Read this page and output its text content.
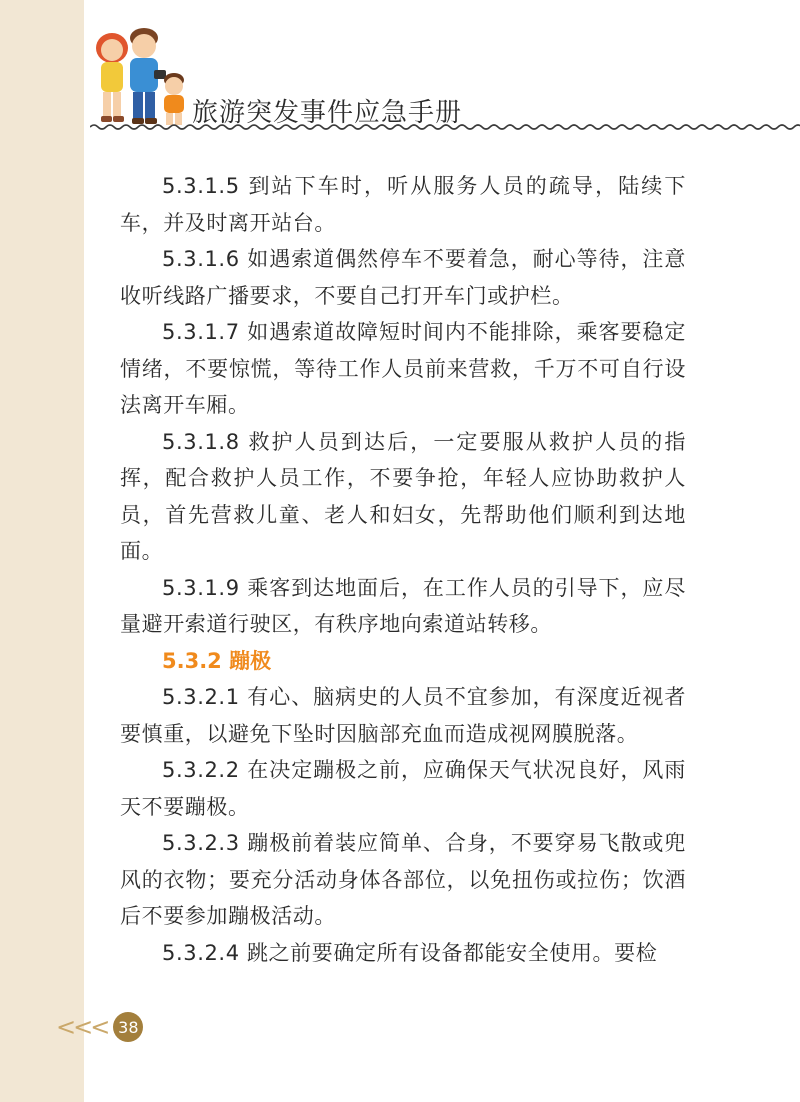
旅游突发事件应急手册

5.3.1.5 到站下车时，听从服务人员的疏导，陆续下车，并及时离开站台。

5.3.1.6 如遇索道偶然停车不要着急，耐心等待，注意收听线路广播要求，不要自己打开车门或护栏。

5.3.1.7 如遇索道故障短时间内不能排除，乘客要稳定情绪，不要惊慌，等待工作人员前来营救，千万不可自行设法离开车厢。

5.3.1.8 救护人员到达后，一定要服从救护人员的指挥，配合救护人员工作，不要争抢，年轻人应协助救护人员，首先营救儿童、老人和妇女，先帮助他们顺利到达地面。

5.3.1.9 乘客到达地面后，在工作人员的引导下，应尽量避开索道行驶区，有秩序地向索道站转移。

5.3.2 蹦极

5.3.2.1 有心、脑病史的人员不宜参加，有深度近视者要慎重，以避免下坠时因脑部充血而造成视网膜脱落。

5.3.2.2 在决定蹦极之前，应确保天气状况良好，风雨天不要蹦极。

5.3.2.3 蹦极前着装应简单、合身，不要穿易飞散或兜风的衣物；要充分活动身体各部位，以免扭伤或拉伤；饮酒后不要参加蹦极活动。

5.3.2.4 跳之前要确定所有设备都能安全使用。要检

<<< 38
